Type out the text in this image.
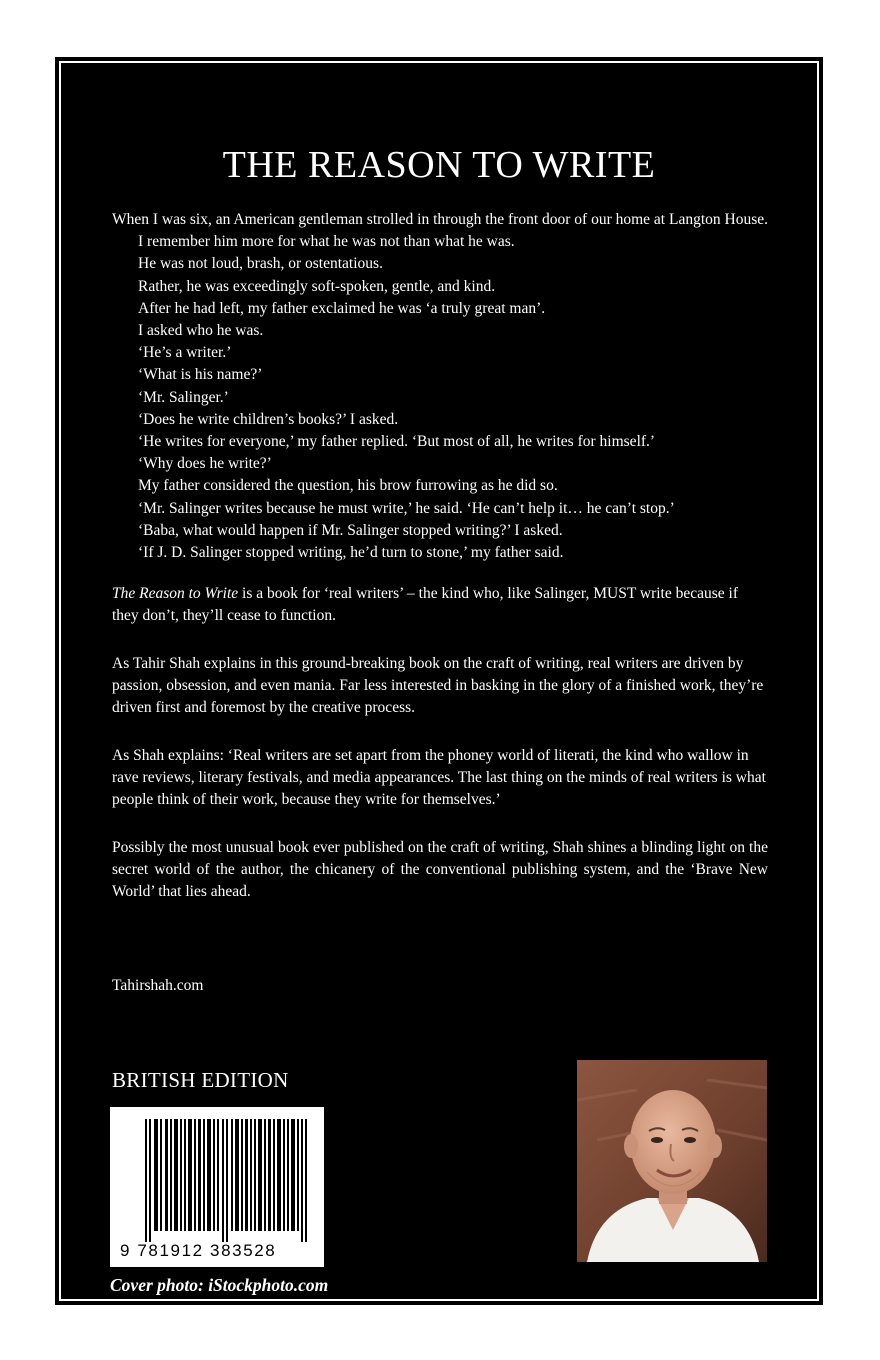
THE REASON TO WRITE

When I was six, an American gentleman strolled in through the front door of our home at Langton House.

I remember him more for what he was not than what he was.

He was not loud, brash, or ostentatious.

Rather, he was exceedingly soft-spoken, gentle, and kind.

After he had left, my father exclaimed he was ‘a truly great man’.

I asked who he was.

‘He’s a writer.’

‘What is his name?’

‘Mr. Salinger.’

‘Does he write children’s books?’ I asked.

‘He writes for everyone,’ my father replied. ‘But most of all, he writes for himself.’

‘Why does he write?’

My father considered the question, his brow furrowing as he did so.

‘Mr. Salinger writes because he must write,’ he said. ‘He can’t help it… he can’t stop.’

‘Baba, what would happen if Mr. Salinger stopped writing?’ I asked.

‘If J. D. Salinger stopped writing, he’d turn to stone,’ my father said.

The Reason to Write is a book for ‘real writers’ – the kind who, like Salinger, MUST write because if they don’t, they’ll cease to function.

As Tahir Shah explains in this ground-breaking book on the craft of writing, real writers are driven by passion, obsession, and even mania. Far less interested in basking in the glory of a finished work, they’re driven first and foremost by the creative process.

As Shah explains: ‘Real writers are set apart from the phoney world of literati, the kind who wallow in rave reviews, literary festivals, and media appearances. The last thing on the minds of real writers is what people think of their work, because they write for themselves.’

Possibly the most unusual book ever published on the craft of writing, Shah shines a blinding light on the secret world of the author, the chicanery of the conventional publishing system, and the ‘Brave New World’ that lies ahead.

Tahirshah.com
BRITISH EDITION
9 781912 383528
Cover photo: iStockphoto.com
